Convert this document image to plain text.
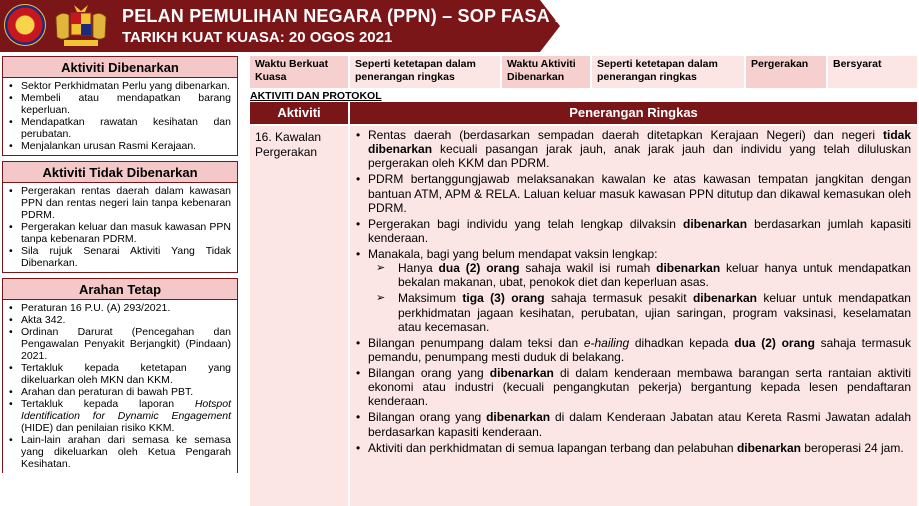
PELAN PEMULIHAN NEGARA (PPN) – SOP FASA 1
TARIKH KUAT KUASA: 20 OGOS 2021
Aktiviti Dibenarkan
• Sektor Perkhidmatan Perlu yang dibenarkan.
• Membeli atau mendapatkan barang keperluan.
• Mendapatkan rawatan kesihatan dan perubatan.
• Menjalankan urusan Rasmi Kerajaan.
Aktiviti Tidak Dibenarkan
• Pergerakan rentas daerah dalam kawasan PPN dan rentas negeri lain tanpa kebenaran PDRM.
• Pergerakan keluar dan masuk kawasan PPN tanpa kebenaran PDRM.
• Sila rujuk Senarai Aktiviti Yang Tidak Dibenarkan.
Arahan Tetap
• Peraturan 16 P.U. (A) 293/2021.
• Akta 342.
• Ordinan Darurat (Pencegahan dan Pengawalan Penyakit Berjangkit) (Pindaan) 2021.
• Tertakluk kepada ketetapan yang dikeluarkan oleh MKN dan KKM.
• Arahan dan peraturan di bawah PBT.
• Tertakluk kepada laporan Hotspot Identification for Dynamic Engagement (HIDE) dan penilaian risiko KKM.
• Lain-lain arahan dari semasa ke semasa yang dikeluarkan oleh Ketua Pengarah Kesihatan.
Waktu Berkuat Kuasa
Seperti ketetapan dalam penerangan ringkas
Waktu Aktiviti Dibenarkan
Seperti ketetapan dalam penerangan ringkas
Pergerakan	Bersyarat
AKTIVITI DAN PROTOKOL
Aktiviti	Penerangan Ringkas
16. Kawalan Pergerakan
• Rentas daerah (berdasarkan sempadan daerah ditetapkan Kerajaan Negeri) dan negeri tidak dibenarkan kecuali pasangan jarak jauh, anak jarak jauh dan individu yang telah diluluskan pergerakan oleh KKM dan PDRM.
• PDRM bertanggungjawab melaksanakan kawalan ke atas kawasan tempatan jangkitan dengan bantuan ATM, APM & RELA. Laluan keluar masuk kawasan PPN ditutup dan dikawal kemasukan oleh PDRM.
• Pergerakan bagi individu yang telah lengkap dilvaksin dibenarkan berdasarkan jumlah kapasiti kenderaan.
• Manakala, bagi yang belum mendapat vaksin lengkap:
➢ Hanya dua (2) orang sahaja wakil isi rumah dibenarkan keluar hanya untuk mendapatkan bekalan makanan, ubat, penokok diet dan keperluan asas.
➢ Maksimum tiga (3) orang sahaja termasuk pesakit dibenarkan keluar untuk mendapatkan perkhidmatan jagaan kesihatan, perubatan, ujian saringan, program vaksinasi, keselamatan atau kecemasan.
• Bilangan penumpang dalam teksi dan e-hailing dihadkan kepada dua (2) orang sahaja termasuk pemandu, penumpang mesti duduk di belakang.
• Bilangan orang yang dibenarkan di dalam kenderaan membawa barangan serta rantaian aktiviti ekonomi atau industri (kecuali pengangkutan pekerja) bergantung kepada lesen pendaftaran kenderaan.
• Bilangan orang yang dibenarkan di dalam Kenderaan Jabatan atau Kereta Rasmi Jawatan adalah berdasarkan kapasiti kenderaan.
• Aktiviti dan perkhidmatan di semua lapangan terbang dan pelabuhan dibenarkan beroperasi 24 jam.
